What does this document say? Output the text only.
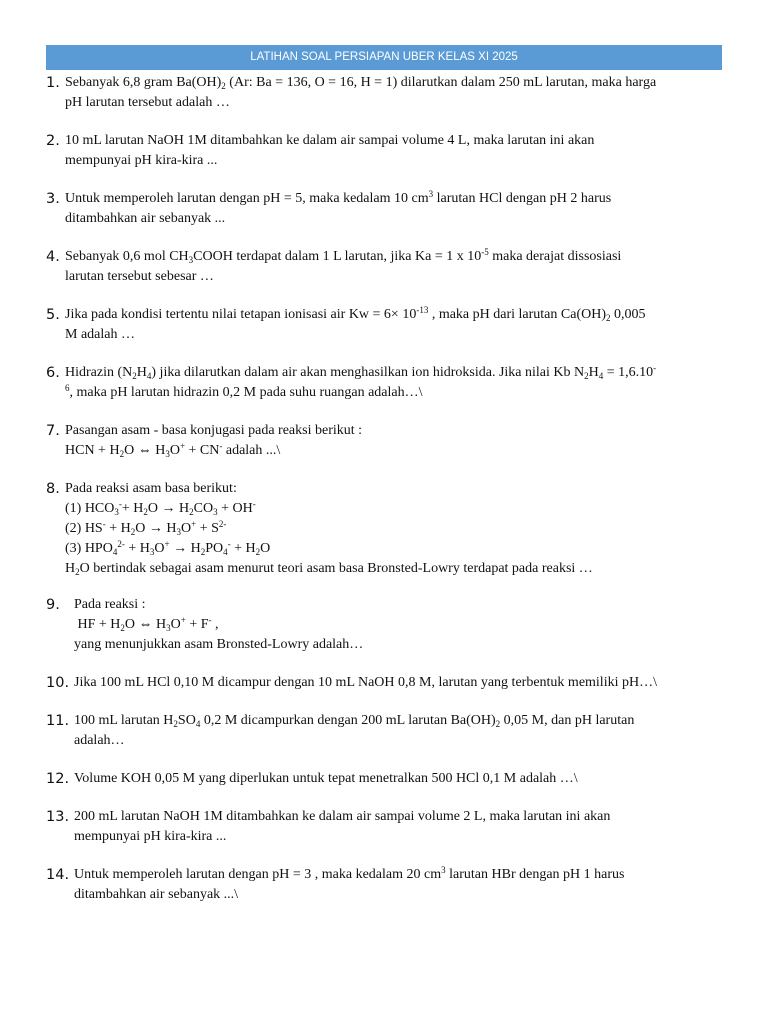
LATIHAN SOAL PERSIAPAN UBER KELAS XI 2025
1. Sebanyak 6,8 gram $Ba(OH)_2$ (Ar: Ba = 136, O = 16, H = 1) dilarutkan dalam 250 mL larutan, maka harga
pH larutan tersebut adalah …
2. 10 mL larutan NaOH 1M ditambahkan ke dalam air sampai volume 4 L, maka larutan ini akan
mempunyai pH kira-kira ...
3. Untuk memperoleh larutan dengan pH = 5, maka kedalam 10 $cm^3$ larutan HCl dengan pH 2 harus
ditambahkan air sebanyak ...
4. Sebanyak 0,6 mol $CH_3COOH$ terdapat dalam 1 L larutan, jika Ka = 1 x $10^{-5}$ maka derajat dissosiasi
larutan tersebut sebesar …
5. Jika pada kondisi tertentu nilai tetapan ionisasi air $Kw = 6\times 10^{-13}$ , maka pH dari larutan $Ca(OH)_2$ 0,005
M adalah …
6. Hidrazin $(N_2H_4)$ jika dilarutkan dalam air akan menghasilkan ion hidroksida. Jika nilai Kb $N_2H_4 = 1,6.10^-$
$^6$, maka pH larutan hidrazin 0,2 M pada suhu ruangan adalah…\
7. Pasangan asam - basa konjugasi pada reaksi berikut :
HCN + $H_2O$ ⇔ $H_3O^+ + CN^-$ adalah ...\
8. Pada reaksi asam basa berikut:
(1) $HCO_3^-+ H_2O \to H_2CO_3 + OH^-$
(2) $HS^- + H_2O \to H_3O^+ + S^{2-}$
(3) $HPO_4^{2-} + H_3O^+ \to H_2PO_4^- + H_2O$
$H_2O$ bertindak sebagai asam menurut teori asam basa Bronsted-Lowry terdapat pada reaksi …
9. Pada reaksi :
HF + $H_2O$ ⇔ $H_3O^+ + F^-$ ,
yang menunjukkan asam Bronsted-Lowry adalah…
10. Jika 100 mL HCl 0,10 M dicampur dengan 10 mL NaOH 0,8 M, larutan yang terbentuk memiliki pH…\
11. 100 mL larutan $H_2SO_4$ 0,2 M dicampurkan dengan 200 mL larutan $Ba(OH)_2$ 0,05 M, dan pH larutan
adalah…
12. Volume KOH 0,05 M yang diperlukan untuk tepat menetralkan 500 HCl 0,1 M adalah …\
13. 200 mL larutan NaOH 1M ditambahkan ke dalam air sampai volume 2 L, maka larutan ini akan
mempunyai pH kira-kira ...
14. Untuk memperoleh larutan dengan pH = 3 , maka kedalam 20 $cm^3$ larutan HBr dengan pH 1 harus
ditambahkan air sebanyak ...\
